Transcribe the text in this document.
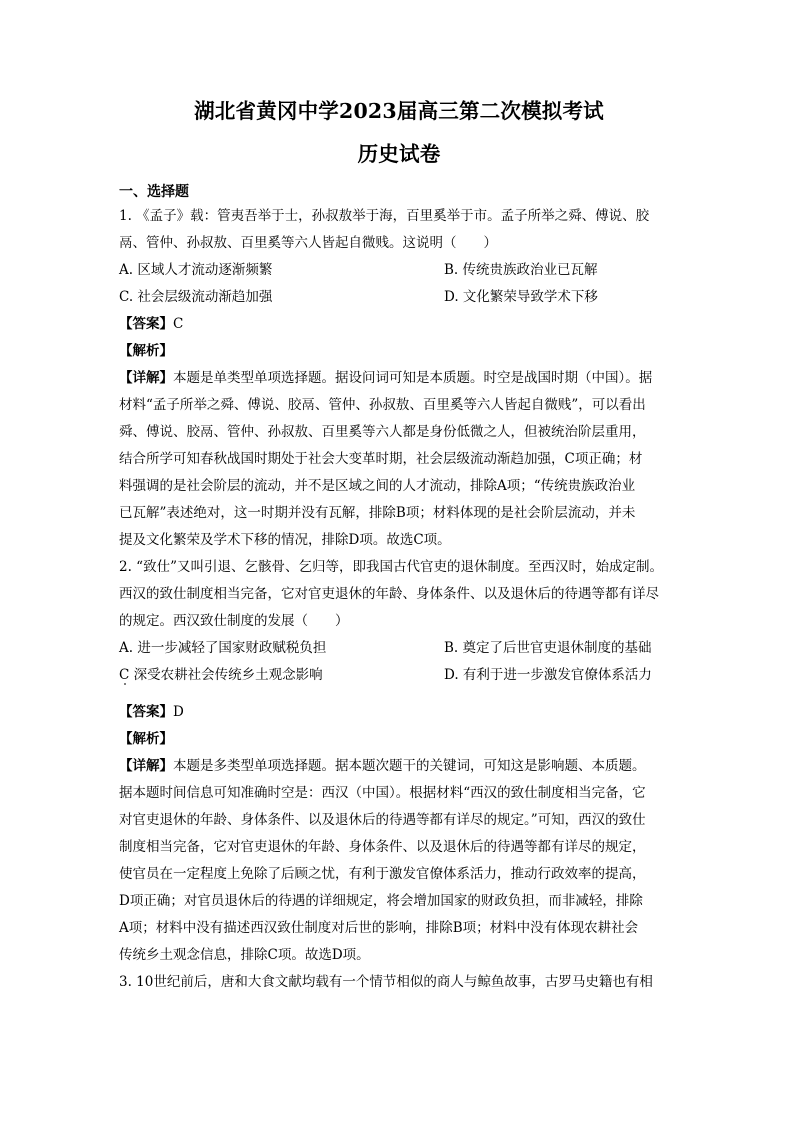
湖北省黄冈中学2023届高三第二次模拟考试
历史试卷
一、选择题

1. 《孟子》载：管夷吾举于士，孙叔敖举于海，百里奚举于市。孟子所举之舜、傅说、胶

鬲、管仲、孙叔敖、百里奚等六人皆起自微贱。这说明（　　）

A. 区域人才流动逐渐频繁	B. 传统贵族政治业已瓦解
C. 社会层级流动渐趋加强	D. 文化繁荣导致学术下移

【答案】C

【解析】

【详解】本题是单类型单项选择题。据设问词可知是本质题。时空是战国时期（中国）。据

材料“孟子所举之舜、傅说、胶鬲、管仲、孙叔敖、百里奚等六人皆起自微贱”，可以看出

舜、傅说、胶鬲、管仲、孙叔敖、百里奚等六人都是身份低微之人，但被统治阶层重用，

结合所学可知春秋战国时期处于社会大变革时期，社会层级流动渐趋加强，C项正确；材

料强调的是社会阶层的流动，并不是区域之间的人才流动，排除A项；“传统贵族政治业

已瓦解”表述绝对，这一时期并没有瓦解，排除B项；材料体现的是社会阶层流动，并未

提及文化繁荣及学术下移的情况，排除D项。故选C项。

2. “致仕”又叫引退、乞骸骨、乞归等，即我国古代官吏的退休制度。至西汉时，始成定制。

西汉的致仕制度相当完备，它对官吏退休的年龄、身体条件、以及退休后的待遇等都有详尽

的规定。西汉致仕制度的发展（　　）

A. 进一步减轻了国家财政赋税负担	B. 奠定了后世官吏退休制度的基础
C 深受农耕社会传统乡土观念影响	D. 有利于进一步激发官僚体系活力

【答案】D

【解析】

【详解】本题是多类型单项选择题。据本题次题干的关键词，可知这是影响题、本质题。

据本题时间信息可知准确时空是：西汉（中国）。根据材料“西汉的致仕制度相当完备，它

对官吏退休的年龄、身体条件、以及退休后的待遇等都有详尽的规定。”可知，西汉的致仕

制度相当完备，它对官吏退休的年龄、身体条件、以及退休后的待遇等都有详尽的规定，

使官员在一定程度上免除了后顾之忧，有利于激发官僚体系活力，推动行政效率的提高，

D项正确；对官员退休后的待遇的详细规定，将会增加国家的财政负担，而非减轻，排除

A项；材料中没有描述西汉致仕制度对后世的影响，排除B项；材料中没有体现农耕社会

传统乡土观念信息，排除C项。故选D项。

3. 10世纪前后，唐和大食文献均载有一个情节相似的商人与鲸鱼故事，古罗马史籍也有相
